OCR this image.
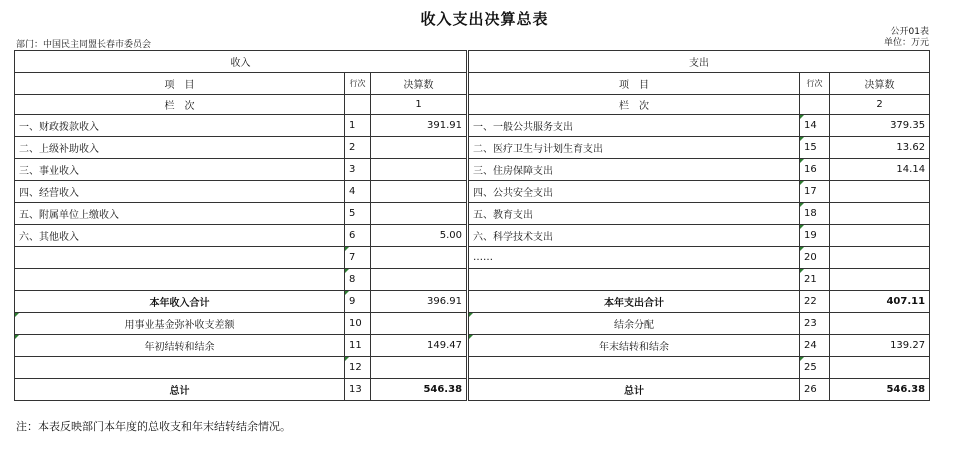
收入支出决算总表
公开01表
部门：中国民主同盟长春市委员会	单位：万元
收入				支出		
项　目	行次	决算数		项　目	行次	决算数
栏　次		1		栏　次		2
一、财政拨款收入	1	391.91		一、一般公共服务支出	14	379.35
二、上级补助收入	2			二、医疗卫生与计划生育支出	15	13.62
三、事业收入	3			三、住房保障支出	16	14.14
四、经营收入	4			四、公共安全支出	17	
五、附属单位上缴收入	5			五、教育支出	18	
六、其他收入	6	5.00		六、科学技术支出	19	
	7			……	20	
	8				21	
本年收入合计	9	396.91		本年支出合计	22	407.11
用事业基金弥补收支差额	10			结余分配	23	
年初结转和结余	11	149.47		年末结转和结余	24	139.27
	12				25	
总计	13	546.38		总计	26	546.38
注：本表反映部门本年度的总收支和年末结转结余情况。
